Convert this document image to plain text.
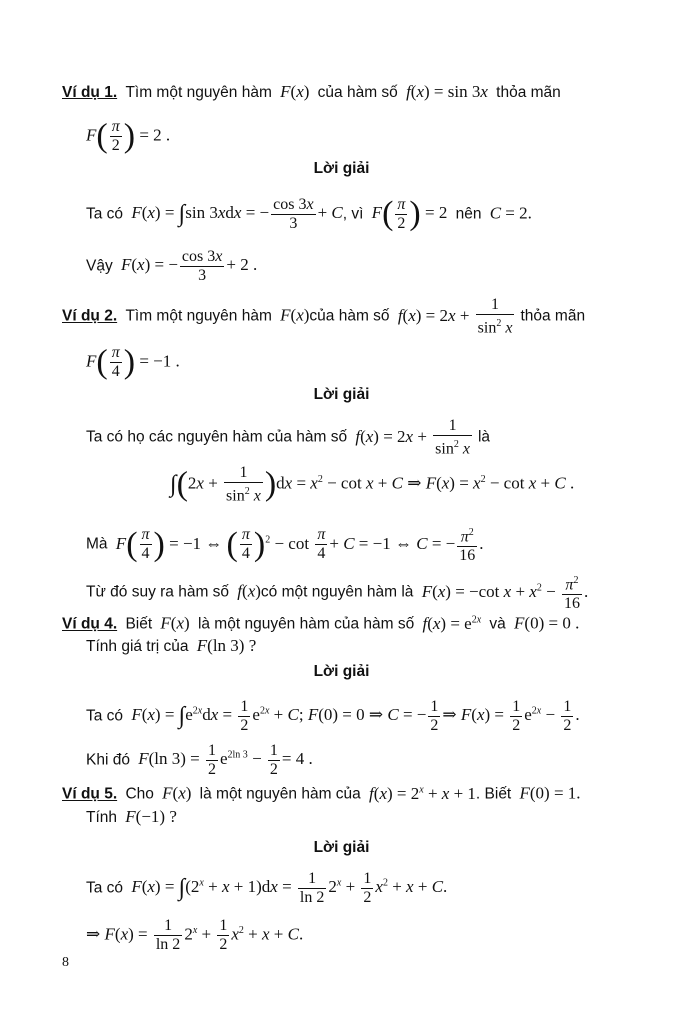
Ví dụ 1. Tìm một nguyên hàm F(x)  của hàm số f(x) = sin 3x thỏa mãn
$F( \frac{\pi}{2}$ ) = 2 .
Lời giải
Ta có F(x) = ∫sin 3xdx = − $\frac{\cos 3x}{3} + C$, vì $F( \frac{\pi}{2}$ ) = 2  nên C = 2.
Vậy F(x) = − $\frac{\cos 3x}{3} + 2$ .
Ví dụ 2. Tìm một nguyên hàm F(x)của hàm số $f(x) = 2x + \frac{1}{\sin^2 x}$ thỏa mãn
$F( \frac{\pi}{4}$ ) = −1 .
Lời giải
Ta có họ các nguyên hàm của hàm số $f(x) = 2x + \frac{1}{\sin^2 x}$ là
$\int(2x + \frac{1}{\sin^2 x} )dx = x^2 - \cot x + C$ ⇒ $F(x) = x^2 - \cot x + C$ .
Mà $F( \frac{\pi}{4}$ ) = −1 ⇔ ( $\frac{\pi}{4} )^2 - \cot \frac{\pi}{4} + C = -1$ ⇔ C = − $\frac{\pi^2}{16}$ .
Từ đó suy ra hàm số f(x)có một nguyên hàm là F(x) = −cot $x + x^2 - \frac{\pi^2}{16}$ .
Ví dụ 4. Biết F(x)  là một nguyên hàm của hàm số $f(x) = e^{2x}$ và F(0) = 0 .
Tính giá trị của F(ln 3) ?
Lời giải
Ta có $F(x) = \int e^{2x}dx = \frac{1}{2} e^{2x} + C$; F(0) = 0 ⇒ C = − $\frac{1}{2}$ ⇒ $F(x) = \frac{1}{2} e^{2x} - \frac{1}{2}$ .
Khi đó F(ln $3) = \frac{1}{2} e^{2ln 3} - \frac{1}{2} = 4$ .
Ví dụ 5. Cho F(x)  là một nguyên hàm của $f(x) = 2^x + x + 1$. Biết F(0) = 1.
Tính F(−1) ?
Lời giải
Ta có $F(x) = \int(2^x + x + 1)dx = \frac{1}{\ln 2} 2^x + \frac{1}{2} x^2 + x + C$.
⇒ $F(x) = \frac{1}{\ln 2} 2^x + \frac{1}{2} x^2 + x + C$.
8
